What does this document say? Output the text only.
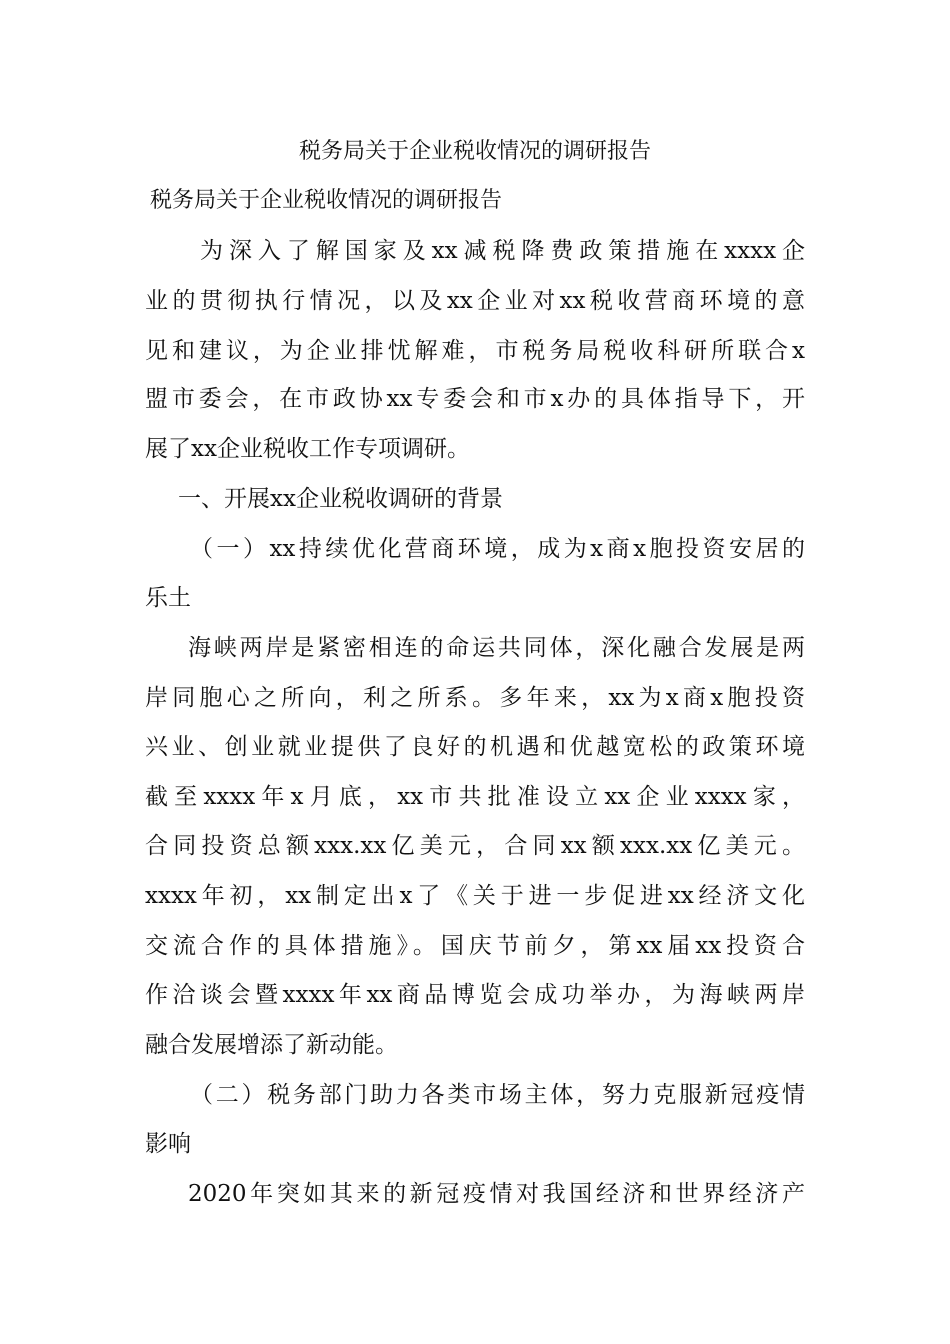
税务局关于企业税收情况的调研报告
税务局关于企业税收情况的调研报告
为深入了解国家及xx减税降费政策措施在xxxx企
业的贯彻执行情况，以及xx企业对xx税收营商环境的意
见和建议，为企业排忧解难，市税务局税收科研所联合x
盟市委会，在市政协xx专委会和市x办的具体指导下，开
展了xx企业税收工作专项调研。
一、开展xx企业税收调研的背景
（一）xx持续优化营商环境，成为x商x胞投资安居的
乐土
海峡两岸是紧密相连的命运共同体，深化融合发展是两
岸同胞心之所向，利之所系。多年来，xx为x商x胞投资
兴业、创业就业提供了良好的机遇和优越宽松的政策环境
截至xxxx年x月底，xx市共批准设立xx企业xxxx家，
合同投资总额xxx.xx亿美元，合同xx额xxx.xx亿美元。
xxxx年初，xx制定出x了《关于进一步促进xx经济文化
交流合作的具体措施》。国庆节前夕，第xx届xx投资合
作洽谈会暨xxxx年xx商品博览会成功举办，为海峡两岸
融合发展增添了新动能。
（二）税务部门助力各类市场主体，努力克服新冠疫情
影响
2020年突如其来的新冠疫情对我国经济和世界经济产
